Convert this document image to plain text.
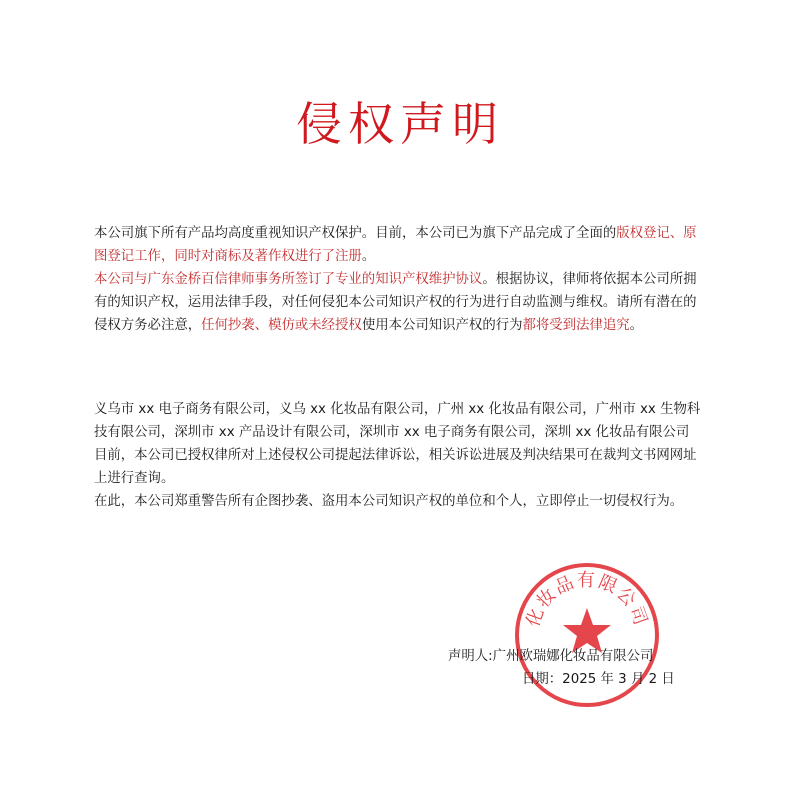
侵权声明
本公司旗下所有产品均高度重视知识产权保护。目前，本公司已为旗下产品完成了全面的版权登记、原图登记工作，同时对商标及著作权进行了注册。
本公司与广东金桥百信律师事务所签订了专业的知识产权维护协议。根据协议，律师将依据本公司所拥有的知识产权，运用法律手段，对任何侵犯本公司知识产权的行为进行自动监测与维权。请所有潜在的侵权方务必注意，任何抄袭、模仿或未经授权使用本公司知识产权的行为都将受到法律追究。

义乌市 xx 电子商务有限公司，义乌 xx 化妆品有限公司，广州 xx 化妆品有限公司，广州市 xx 生物科技有限公司，深圳市 xx 产品设计有限公司，深圳市 xx 电子商务有限公司，深圳 xx 化妆品有限公司

目前，本公司已授权律所对上述侵权公司提起法律诉讼，相关诉讼进展及判决结果可在裁判文书网网址上进行查询。

在此，本公司郑重警告所有企图抄袭、盗用本公司知识产权的单位和个人，立即停止一切侵权行为。

化妆品有限公司
声明人:广州欧瑞娜化妆品有限公司
日期：2025 年 3 月 2 日
